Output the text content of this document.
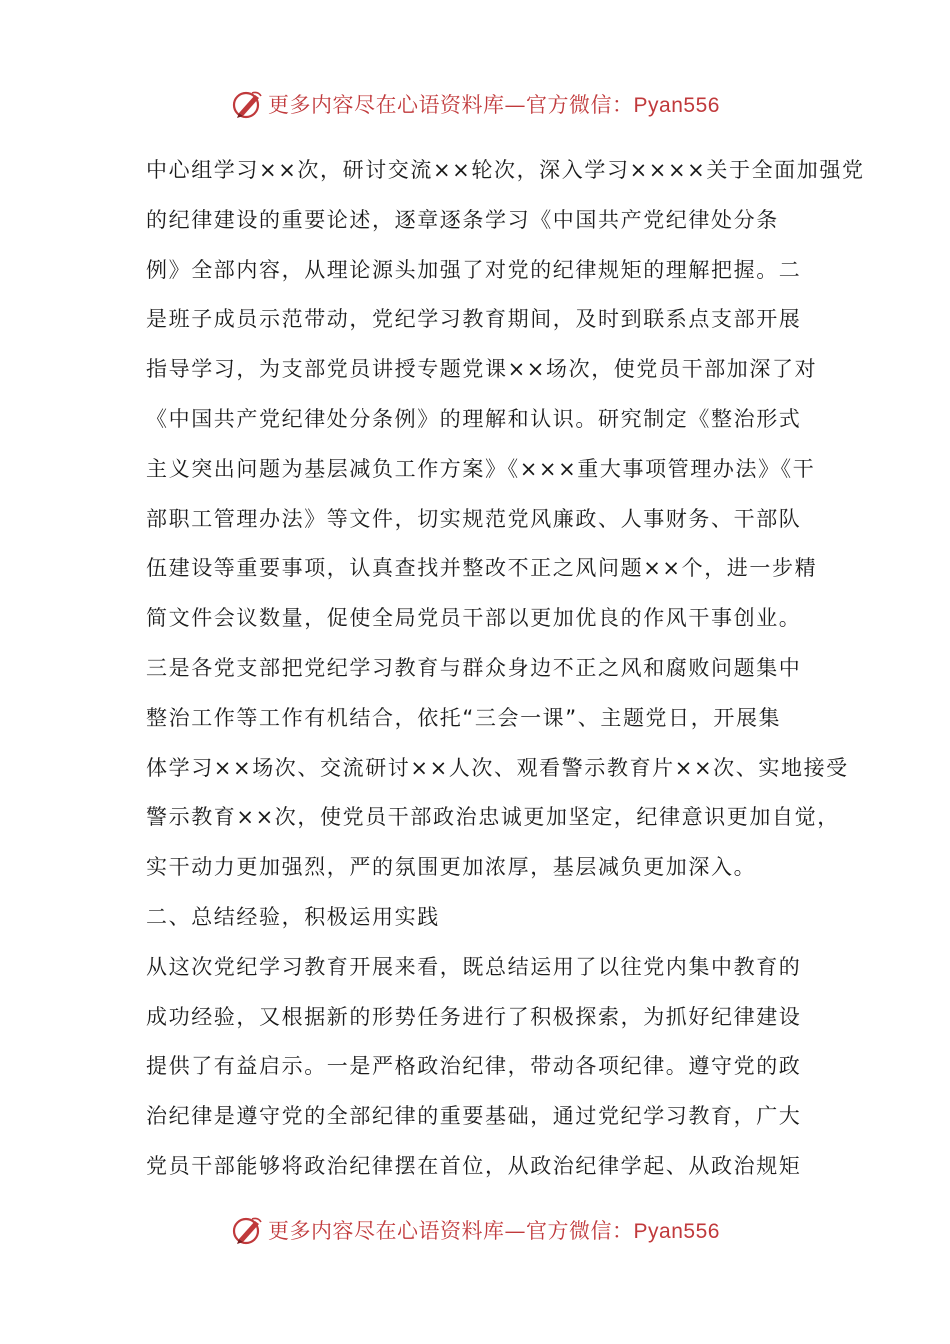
更多内容尽在心语资料库—官方微信：Pyan556
中心组学习××次，研讨交流××轮次，深入学习××××关于全面加强党
的纪律建设的重要论述，逐章逐条学习《中国共产党纪律处分条
例》全部内容，从理论源头加强了对党的纪律规矩的理解把握。二
是班子成员示范带动，党纪学习教育期间，及时到联系点支部开展
指导学习，为支部党员讲授专题党课××场次，使党员干部加深了对
《中国共产党纪律处分条例》的理解和认识。研究制定《整治形式
主义突出问题为基层减负工作方案》《×××重大事项管理办法》《干
部职工管理办法》等文件，切实规范党风廉政、人事财务、干部队
伍建设等重要事项，认真查找并整改不正之风问题××个，进一步精
简文件会议数量，促使全局党员干部以更加优良的作风干事创业。
三是各党支部把党纪学习教育与群众身边不正之风和腐败问题集中
整治工作等工作有机结合，依托“三会一课”、主题党日，开展集
体学习××场次、交流研讨××人次、观看警示教育片××次、实地接受
警示教育××次，使党员干部政治忠诚更加坚定，纪律意识更加自觉，
实干动力更加强烈，严的氛围更加浓厚，基层减负更加深入。
二、总结经验，积极运用实践
从这次党纪学习教育开展来看，既总结运用了以往党内集中教育的
成功经验，又根据新的形势任务进行了积极探索，为抓好纪律建设
提供了有益启示。一是严格政治纪律，带动各项纪律。遵守党的政
治纪律是遵守党的全部纪律的重要基础，通过党纪学习教育，广大
党员干部能够将政治纪律摆在首位，从政治纪律学起、从政治规矩
更多内容尽在心语资料库—官方微信：Pyan556
